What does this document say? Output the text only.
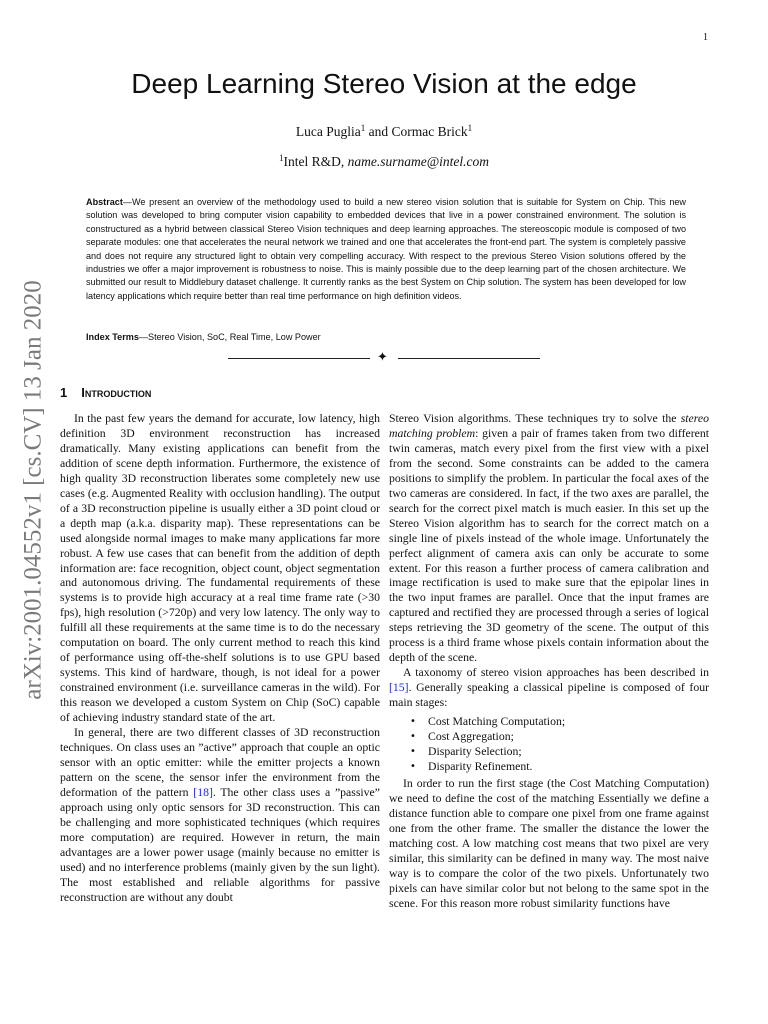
1
arXiv:2001.04552v1 [cs.CV] 13 Jan 2020
Deep Learning Stereo Vision at the edge
Luca Puglia$^1$ and Cormac Brick$^1$
$^1$Intel R&D, name.surname@intel.com

Abstract—We present an overview of the methodology used to build a new stereo vision solution that is suitable for System on Chip. This new solution was developed to bring computer vision capability to embedded devices that live in a power constrained environment. The solution is constructured as a hybrid between classical Stereo Vision techniques and deep learning approaches. The stereoscopic module is composed of two separate modules: one that accelerates the neural network we trained and one that accelerates the front-end part. The system is completely passive and does not require any structured light to obtain very compelling accuracy. With respect to the previous Stereo Vision solutions offered by the industries we offer a major improvement is robustness to noise. This is mainly possible due to the deep learning part of the chosen architecture. We submitted our result to Middlebury dataset challenge. It currently ranks as the best System on Chip solution. The system has been developed for low latency applications which require better than real time performance on high definition videos.

Index Terms—Stereo Vision, SoC, Real Time, Low Power

✦
1 Introduction

In the past few years the demand for accurate, low latency, high definition 3D environment reconstruction has increased dramatically. Many existing applications can benefit from the addition of scene depth information. Furthermore, the existence of high quality 3D reconstruction liberates some completely new use cases (e.g. Augmented Reality with occlusion handling). The output of a 3D reconstruction pipeline is usually either a 3D point cloud or a depth map (a.k.a. disparity map). These representations can be used alongside normal images to make many applications far more robust. A few use cases that can benefit from the addition of depth information are: face recognition, object count, object segmentation and autonomous driving. The fundamental requirements of these systems is to provide high accuracy at a real time frame rate (>30 fps), high resolution (>720p) and very low latency. The only way to fulfill all these requirements at the same time is to do the necessary computation on board. The only current method to reach this kind of performance using off-the-shelf solutions is to use GPU based systems. This kind of hardware, though, is not ideal for a power constrained environment (i.e. surveillance cameras in the wild). For this reason we developed a custom System on Chip (SoC) capable of achieving industry standard state of the art.

In general, there are two different classes of 3D reconstruction techniques. On class uses an ”active” approach that couple an optic sensor with an optic emitter: while the emitter projects a known pattern on the scene, the sensor infer the environment from the deformation of the pattern [18]. The other class uses a ”passive” approach using only optic sensors for 3D reconstruction. This can be challenging and more sophisticated techniques (which requires more computation) are required. However in return, the main advantages are a lower power usage (mainly because no emitter is used) and no interference problems (mainly given by the sun light). The most established and reliable algorithms for passive reconstruction are without any doubt

Stereo Vision algorithms. These techniques try to solve the stereo matching problem: given a pair of frames taken from two different twin cameras, match every pixel from the first view with a pixel from the second. Some constraints can be added to the camera positions to simplify the problem. In particular the focal axes of the two cameras are considered. In fact, if the two axes are parallel, the search for the correct pixel match is much easier. In this set up the Stereo Vision algorithm has to search for the correct match on a single line of pixels instead of the whole image. Unfortunately the perfect alignment of camera axis can only be accurate to some extent. For this reason a further process of camera calibration and image rectification is used to make sure that the epipolar lines in the two input frames are parallel. Once that the input frames are captured and rectified they are processed through a series of logical steps retrieving the 3D geometry of the scene. The output of this process is a third frame whose pixels contain information about the depth of the scene.

A taxonomy of stereo vision approaches has been described in [15]. Generally speaking a classical pipeline is composed of four main stages:

• Cost Matching Computation;
• Cost Aggregation;
• Disparity Selection;
• Disparity Refinement.

In order to run the first stage (the Cost Matching Computation) we need to define the cost of the matching Essentially we define a distance function able to compare one pixel from one frame against one from the other frame. The smaller the distance the lower the matching cost. A low matching cost means that two pixel are very similar, this similarity can be defined in many way. The most naive way is to compare the color of the two pixels. Unfortunately two pixels can have similar color but not belong to the same spot in the scene. For this reason more robust similarity functions have
